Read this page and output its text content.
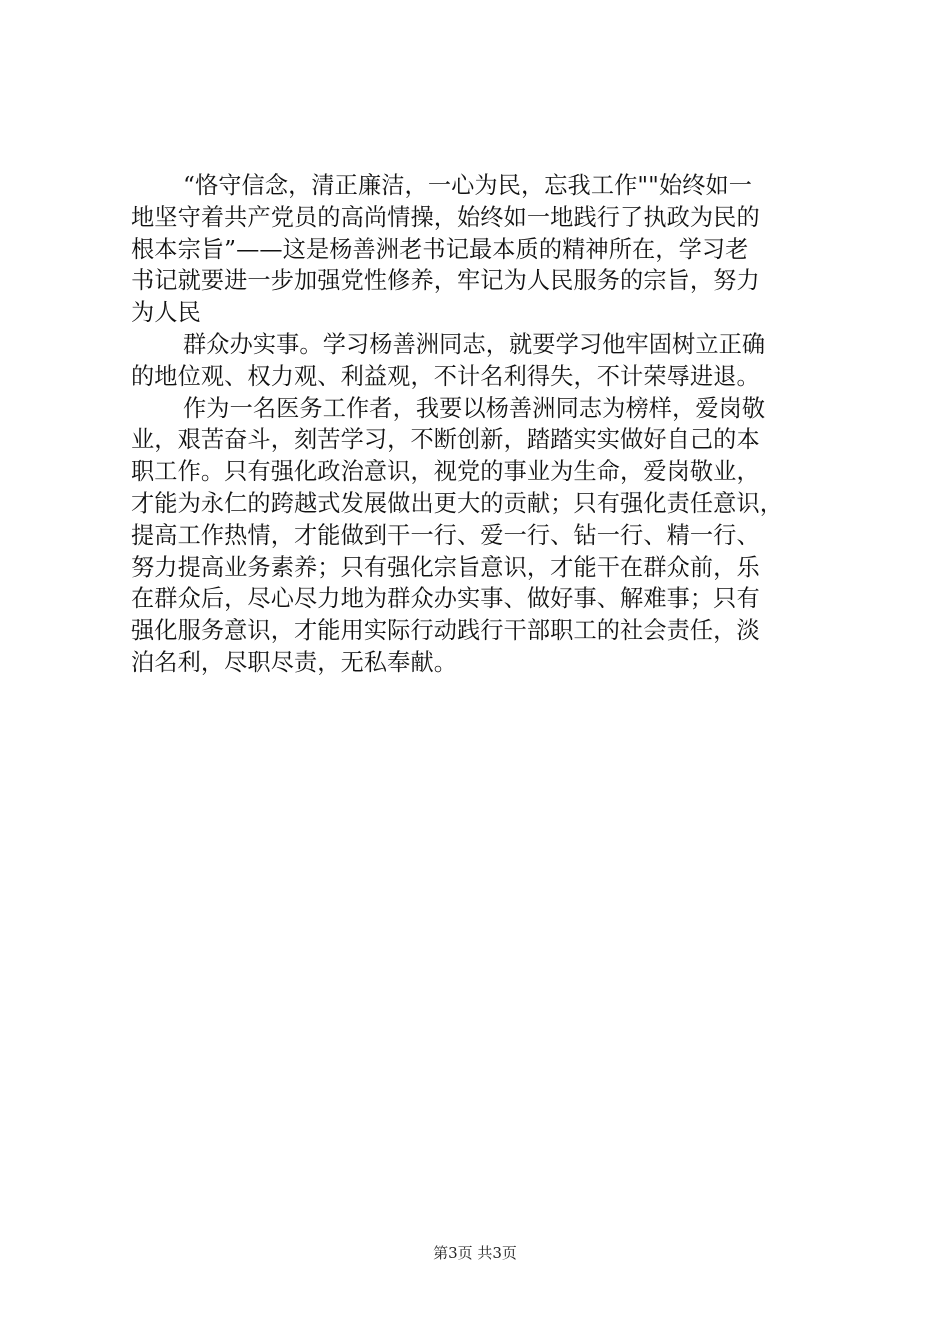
“恪守信念，清正廉洁，一心为民，忘我工作""始终如一
地坚守着共产党员的高尚情操，始终如一地践行了执政为民的
根本宗旨”——这是杨善洲老书记最本质的精神所在，学习老
书记就要进一步加强党性修养，牢记为人民服务的宗旨，努力
为人民
群众办实事。学习杨善洲同志，就要学习他牢固树立正确
的地位观、权力观、利益观，不计名利得失，不计荣辱进退。
作为一名医务工作者，我要以杨善洲同志为榜样，爱岗敬
业，艰苦奋斗，刻苦学习，不断创新，踏踏实实做好自己的本
职工作。只有强化政治意识，视党的事业为生命，爱岗敬业，
才能为永仁的跨越式发展做出更大的贡献；只有强化责任意识，
提高工作热情，才能做到干一行、爱一行、钻一行、精一行、
努力提高业务素养；只有强化宗旨意识，才能干在群众前，乐
在群众后，尽心尽力地为群众办实事、做好事、解难事；只有
强化服务意识，才能用实际行动践行干部职工的社会责任，淡
泊名利，尽职尽责，无私奉献。
第3页 共3页
